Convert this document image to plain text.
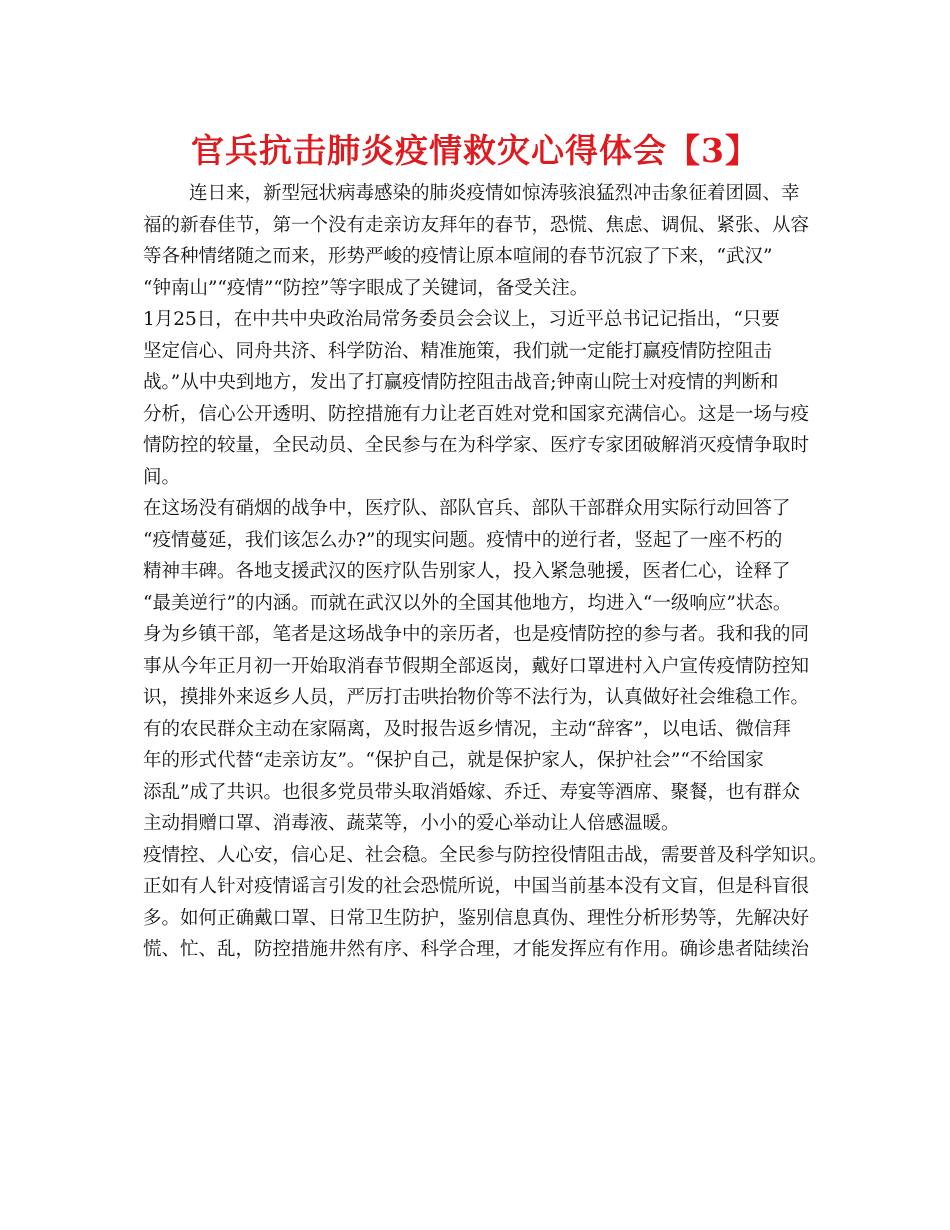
官兵抗击肺炎疫情救灾心得体会【3】
连日来，新型冠状病毒感染的肺炎疫情如惊涛骇浪猛烈冲击象征着团圆、幸
福的新春佳节，第一个没有走亲访友拜年的春节，恐慌、焦虑、调侃、紧张、从容
等各种情绪随之而来，形势严峻的疫情让原本喧闹的春节沉寂了下来，“武汉”
“钟南山”“疫情”“防控”等字眼成了关键词，备受关注。
1月25日，在中共中央政治局常务委员会会议上，习近平总书记记指出，“只要
坚定信心、同舟共济、科学防治、精准施策，我们就一定能打赢疫情防控阻击
战。”从中央到地方，发出了打赢疫情防控阻击战音;钟南山院士对疫情的判断和
分析，信心公开透明、防控措施有力让老百姓对党和国家充满信心。这是一场与疫
情防控的较量，全民动员、全民参与在为科学家、医疗专家团破解消灭疫情争取时
间。
在这场没有硝烟的战争中，医疗队、部队官兵、部队干部群众用实际行动回答了
“疫情蔓延，我们该怎么办?”的现实问题。疫情中的逆行者，竖起了一座不朽的
精神丰碑。各地支援武汉的医疗队告别家人，投入紧急驰援，医者仁心，诠释了
“最美逆行”的内涵。而就在武汉以外的全国其他地方，均进入“一级响应”状态。
身为乡镇干部，笔者是这场战争中的亲历者，也是疫情防控的参与者。我和我的同
事从今年正月初一开始取消春节假期全部返岗，戴好口罩进村入户宣传疫情防控知
识，摸排外来返乡人员，严厉打击哄抬物价等不法行为，认真做好社会维稳工作。
有的农民群众主动在家隔离，及时报告返乡情况，主动“辞客”，以电话、微信拜
年的形式代替“走亲访友”。“保护自己，就是保护家人，保护社会”“不给国家
添乱”成了共识。也很多党员带头取消婚嫁、乔迁、寿宴等酒席、聚餐，也有群众
主动捐赠口罩、消毒液、蔬菜等，小小的爱心举动让人倍感温暖。
疫情控、人心安，信心足、社会稳。全民参与防控役情阻击战，需要普及科学知识。
正如有人针对疫情谣言引发的社会恐慌所说，中国当前基本没有文盲，但是科盲很
多。如何正确戴口罩、日常卫生防护，鉴别信息真伪、理性分析形势等，先解决好
慌、忙、乱，防控措施井然有序、科学合理，才能发挥应有作用。确诊患者陆续治
